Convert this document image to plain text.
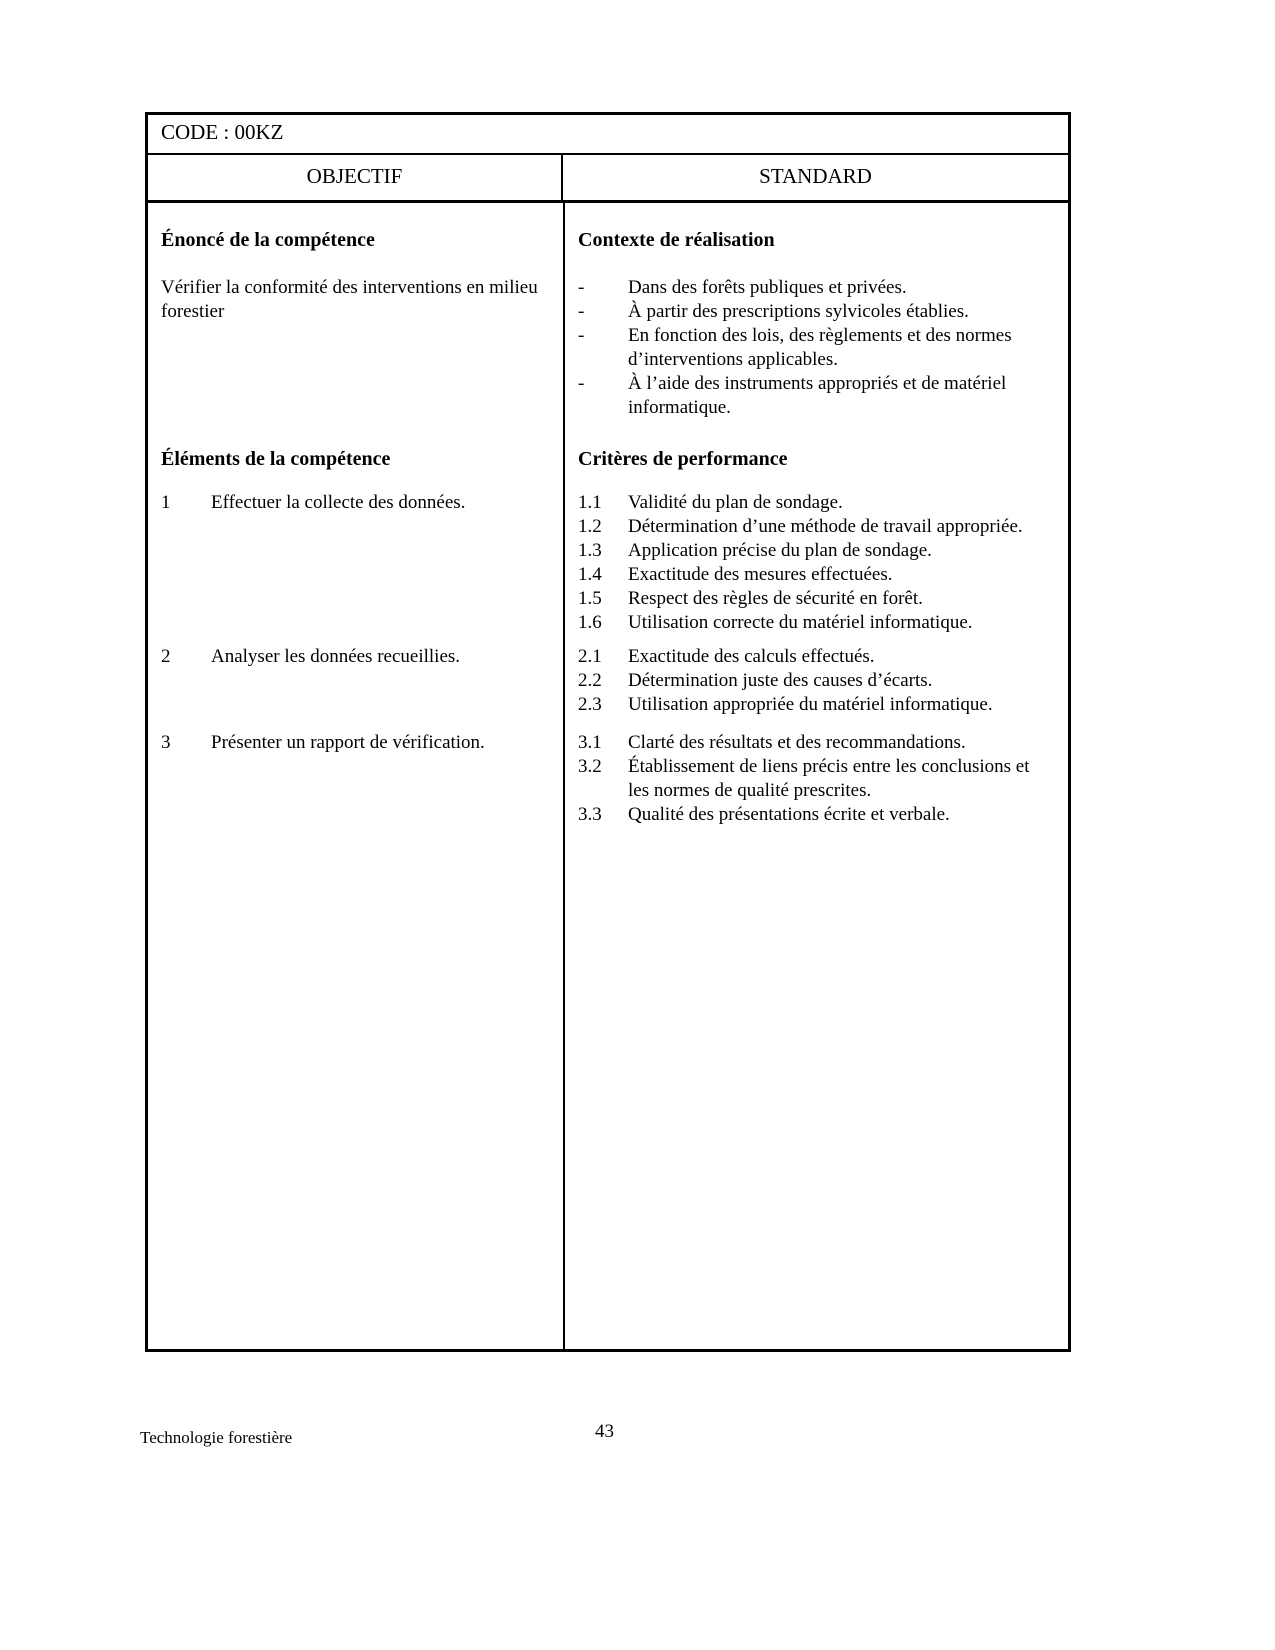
CODE : 00KZ
OBJECTIF	STANDARD
Énoncé de la compétence	Contexte de réalisation
Vérifier la conformité des interventions en milieu forestier
-	Dans des forêts publiques et privées.
-	À partir des prescriptions sylvicoles établies.
-	En fonction des lois, des règlements et des normes d’interventions applicables.
-	À l’aide des instruments appropriés et de matériel informatique.
Éléments de la compétence	Critères de performance
1	Effectuer la collecte des données.	1.1	Validité du plan de sondage.
1.2	Détermination d’une méthode de travail appropriée.
1.3	Application précise du plan de sondage.
1.4	Exactitude des mesures effectuées.
1.5	Respect des règles de sécurité en forêt.
1.6	Utilisation correcte du matériel informatique.
2	Analyser les données recueillies.	2.1	Exactitude des calculs effectués.
2.2	Détermination juste des causes d’écarts.
2.3	Utilisation appropriée du matériel informatique.
3	Présenter un rapport de vérification.	3.1	Clarté des résultats et des recommandations.
3.2	Établissement de liens précis entre les conclusions et les normes de qualité prescrites.
3.3	Qualité des présentations écrite et verbale.
Technologie forestière	43
